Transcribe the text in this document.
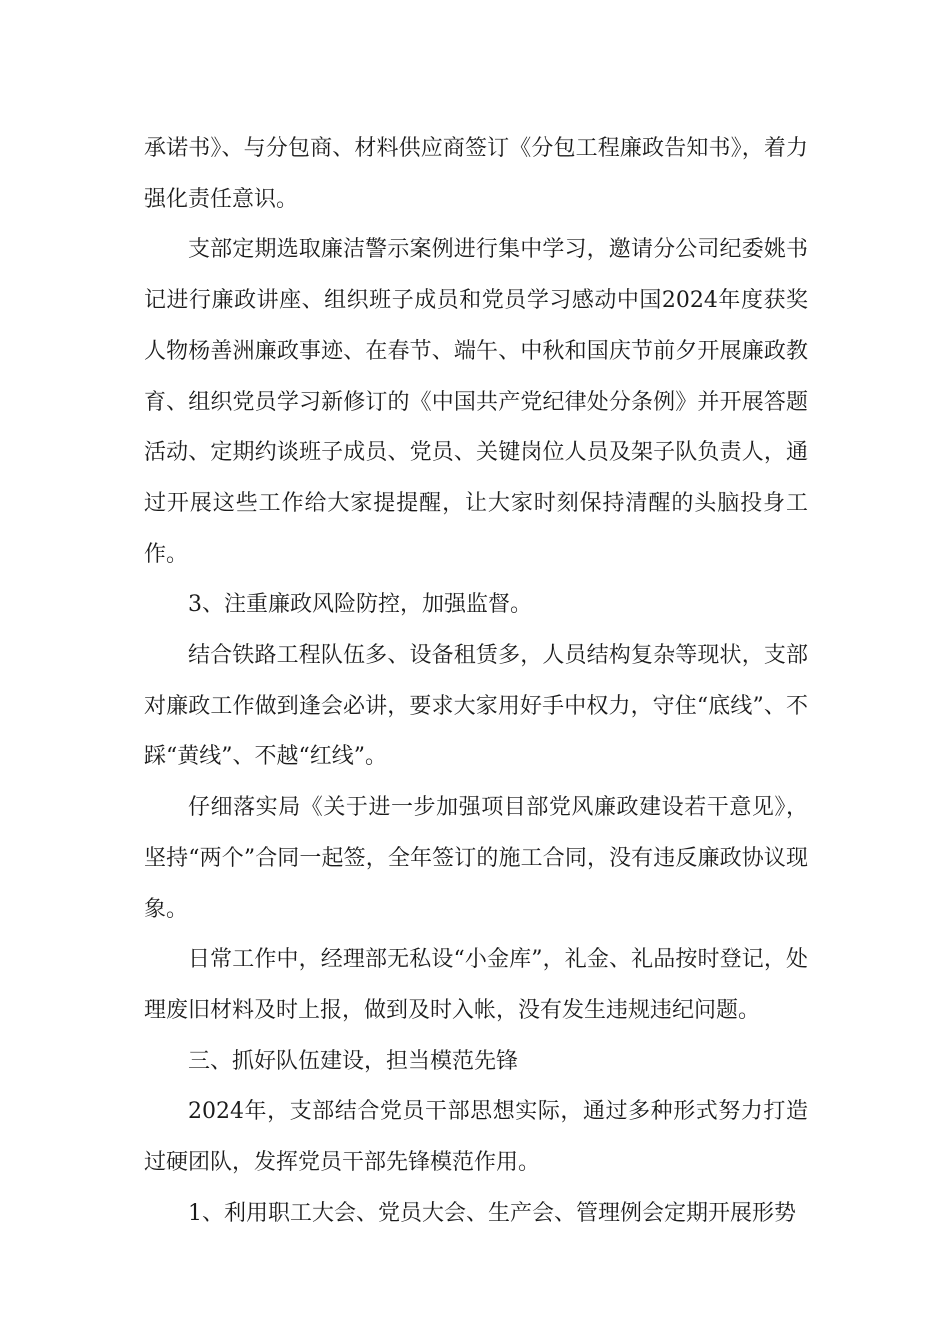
承诺书》、与分包商、材料供应商签订《分包工程廉政告知书》，着力强化责任意识。

支部定期选取廉洁警示案例进行集中学习，邀请分公司纪委姚书记进行廉政讲座、组织班子成员和党员学习感动中国2024年度获奖人物杨善洲廉政事迹、在春节、端午、中秋和国庆节前夕开展廉政教育、组织党员学习新修订的《中国共产党纪律处分条例》并开展答题活动、定期约谈班子成员、党员、关键岗位人员及架子队负责人，通过开展这些工作给大家提提醒，让大家时刻保持清醒的头脑投身工作。

3、注重廉政风险防控，加强监督。

结合铁路工程队伍多、设备租赁多，人员结构复杂等现状，支部对廉政工作做到逢会必讲，要求大家用好手中权力，守住“底线”、不踩“黄线”、不越“红线”。

仔细落实局《关于进一步加强项目部党风廉政建设若干意见》，坚持“两个”合同一起签，全年签订的施工合同，没有违反廉政协议现象。

日常工作中，经理部无私设“小金库”，礼金、礼品按时登记，处理废旧材料及时上报，做到及时入帐，没有发生违规违纪问题。

三、抓好队伍建设，担当模范先锋

2024年，支部结合党员干部思想实际，通过多种形式努力打造过硬团队，发挥党员干部先锋模范作用。

1、利用职工大会、党员大会、生产会、管理例会定期开展形势
